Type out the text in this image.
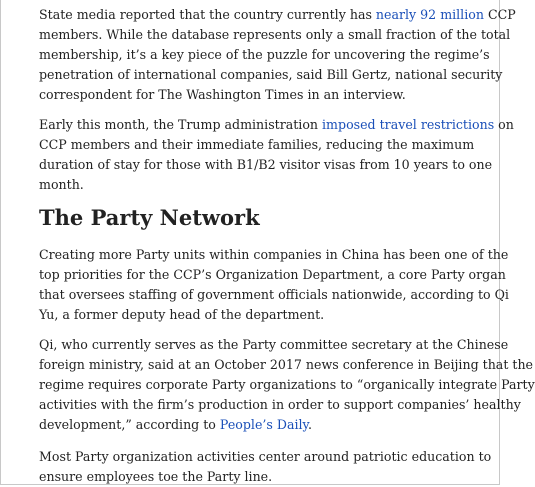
State media reported that the country currently has nearly 92 million CCP
members. While the database represents only a small fraction of the total
membership, it’s a key piece of the puzzle for uncovering the regime’s
penetration of international companies, said Bill Gertz, national security
correspondent for The Washington Times in an interview.

Early this month, the Trump administration imposed travel restrictions on
CCP members and their immediate families, reducing the maximum
duration of stay for those with B1/B2 visitor visas from 10 years to one
month.

The Party Network

Creating more Party units within companies in China has been one of the
top priorities for the CCP’s Organization Department, a core Party organ
that oversees staffing of government officials nationwide, according to Qi
Yu, a former deputy head of the department.

Qi, who currently serves as the Party committee secretary at the Chinese
foreign ministry, said at an October 2017 news conference in Beijing that the
regime requires corporate Party organizations to “organically integrate Party
activities with the firm’s production in order to support companies’ healthy
development,” according to People’s Daily.

Most Party organization activities center around patriotic education to
ensure employees toe the Party line.
